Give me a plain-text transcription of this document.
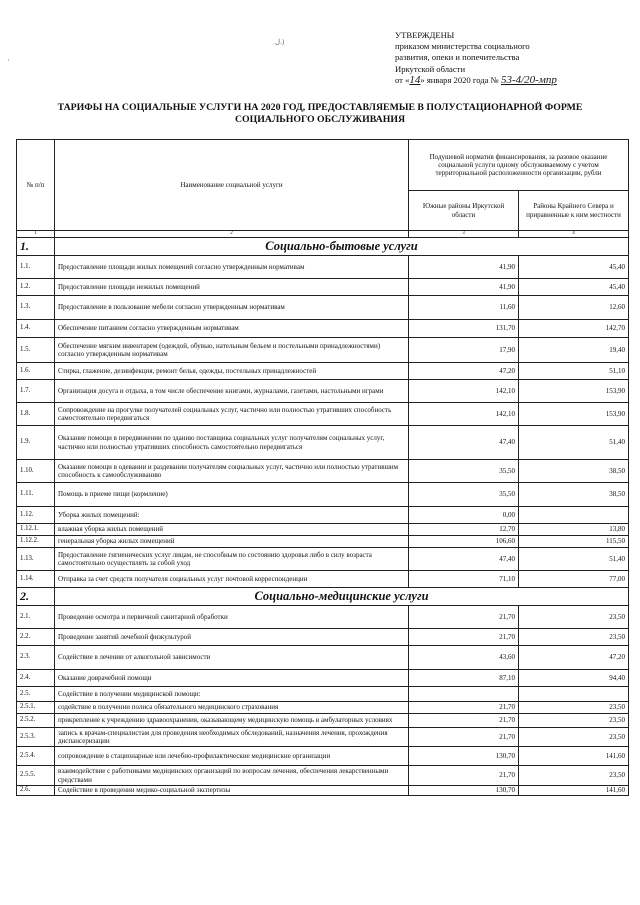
ل.)
'
УТВЕРЖДЕНЫ
приказом министерства социального
развития, опеки и попечительства
Иркутской области
от «14» января 2020 года № 53-4/20-мпр
ТАРИФЫ НА СОЦИАЛЬНЫЕ УСЛУГИ НА 2020 ГОД, ПРЕДОСТАВЛЯЕМЫЕ В ПОЛУСТАЦИОНАРНОЙ ФОРМЕ
СОЦИАЛЬНОГО ОБСЛУЖИВАНИЯ
№ п/п	Наименование социальной услуги	Подушевой норматив финансирования, за разовое оказание социальной услуги одному обслуживаемому с учетом территориальной расположенности организации, рубли	
		Южные районы Иркутской области	Районы Крайнего Севера и приравненные к ним местности
1	2	3	4
1.	Социально-бытовые услуги		
1.1.	Предоставление площади жилых помещений согласно утвержденным нормативам	41,90	45,40
1.2.	Предоставление площади нежилых помещений	41,90	45,40
1.3.	Предоставление в пользование мебели согласно утвержденным нормативам	11,60	12,60
1.4.	Обеспечение питанием согласно утвержденным нормативам	131,70	142,70
1.5.	Обеспечение мягким инвентарем (одеждой, обувью, нательным бельем и постельными принадлежностями) согласно утвержденным нормативам	17,90	19,40
1.6.	Стирка, глажение, дезинфекция, ремонт белья, одежды, постельных принадлежностей	47,20	51,10
1.7.	Организация досуга и отдыха, в том числе обеспечение книгами, журналами, газетами, настольными играми	142,10	153,90
1.8.	Сопровождение на прогулке получателей социальных услуг, частично или полностью утративших способность самостоятельно передвигаться	142,10	153,90
1.9.	Оказание помощи в передвижении по зданию поставщика социальных услуг получателям социальных услуг, частично или полностью утративших способность самостоятельно передвигаться	47,40	51,40
1.10.	Оказание помощи в одевании и раздевании получателям социальных услуг, частично или полностью утратившим способность к самообслуживанию	35,50	38,50
1.11.	Помощь в приеме пищи (кормление)	35,50	38,50
1.12.	Уборка жилых помещений:	0,00	
1.12.1.	влажная уборка жилых помещений	12,70	13,80
1.12.2.	генеральная уборка жилых помещений	106,60	115,50
1.13.	Предоставление гигиенических услуг лицам, не способным по состоянию здоровья либо в силу возраста самостоятельно осуществлять за собой уход	47,40	51,40
1.14.	Отправка за счет средств получателя социальных услуг почтовой корреспонденции	71,10	77,00
2.	Социально-медицинские услуги		
2.1.	Проведение осмотра и первичной санитарной обработки	21,70	23,50
2.2.	Проведение занятий лечебной физкультурой	21,70	23,50
2.3.	Содействие в лечении от алкогольной зависимости	43,60	47,20
2.4.	Оказание доврачебной помощи	87,10	94,40
2.5.	Содействие в получении медицинской помощи:		
2.5.1.	содействие в получении полиса обязательного медицинского страхования	21,70	23,50
2.5.2.	прикрепление к учреждению здравоохранения, оказывающему медицинскую помощь в амбулаторных условиях	21,70	23,50
2.5.3.	запись к врачам-специалистам для проведения необходимых обследований, назначения лечения, прохождения диспансеризации	21,70	23,50
2.5.4.	сопровождение в стационарные или лечебно-профилактические медицинские организации	130,70	141,60
2.5.5.	взаимодействие с работниками медицинских организаций по вопросам лечения, обеспечения лекарственными средствами	21,70	23,50
2.6.	Содействие в проведении медико-социальной экспертизы	130,70	141,60
